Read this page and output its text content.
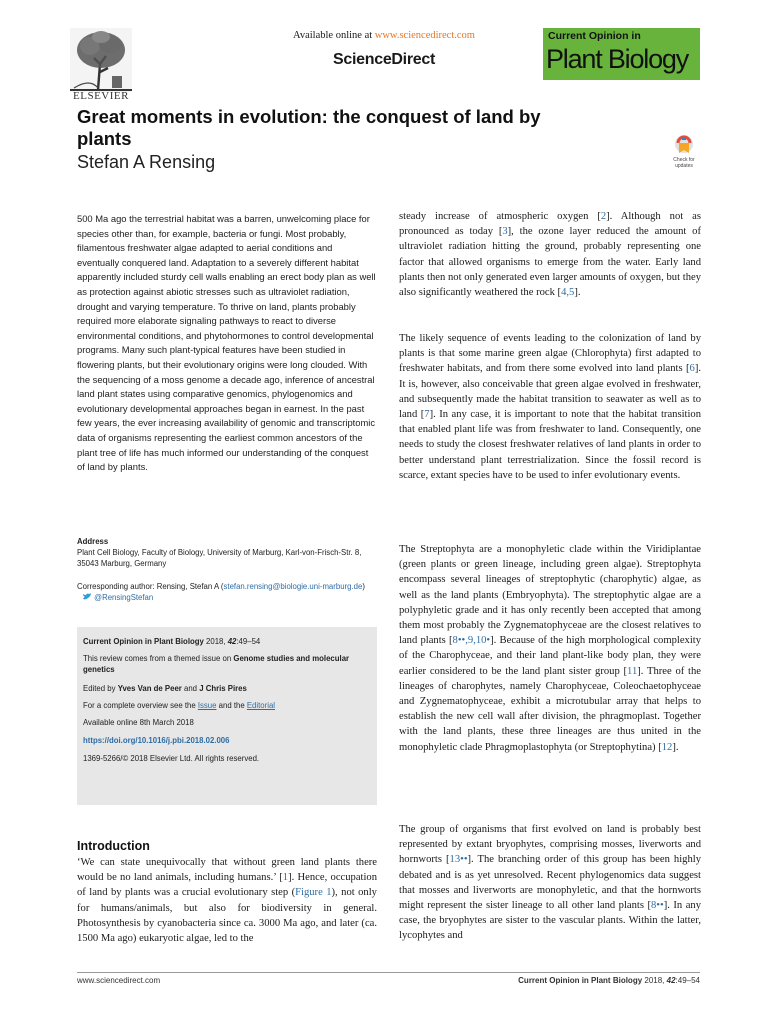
ELSEVIER
Available online at www.sciencedirect.com
ScienceDirect
Current Opinion in
Plant Biology
Great moments in evolution: the conquest of land by plants
Stefan A Rensing	Check for updates

500 Ma ago the terrestrial habitat was a barren, unwelcoming place for species other than, for example, bacteria or fungi. Most probably, filamentous freshwater algae adapted to aerial conditions and eventually conquered land. Adaptation to a severely different habitat apparently included sturdy cell walls enabling an erect body plan as well as protection against abiotic stresses such as ultraviolet radiation, drought and varying temperature. To thrive on land, plants probably required more elaborate signaling pathways to react to diverse environmental conditions, and phytohormones to control developmental programs. Many such plant-typical features have been studied in flowering plants, but their evolutionary origins were long clouded. With the sequencing of a moss genome a decade ago, inference of ancestral land plant states using comparative genomics, phylogenomics and evolutionary developmental approaches began in earnest. In the past few years, the ever increasing availability of genomic and transcriptomic data of organisms representing the earliest common ancestors of the plant tree of life has much informed our understanding of the conquest of land by plants.

Address
Plant Cell Biology, Faculty of Biology, University of Marburg, Karl-von-Frisch-Str. 8, 35043 Marburg, Germany
Corresponding author: Rensing, Stefan A (stefan.rensing@biologie.uni-marburg.de)  @RensingStefan
Current Opinion in Plant Biology 2018, 42:49–54
This review comes from a themed issue on Genome studies and molecular genetics
Edited by Yves Van de Peer and J Chris Pires
For a complete overview see the Issue and the Editorial
Available online 8th March 2018
https://doi.org/10.1016/j.pbi.2018.02.006
1369-5266/© 2018 Elsevier Ltd. All rights reserved.
Introduction

‘We can state unequivocally that without green land plants there would be no land animals, including humans.’ [1]. Hence, occupation of land by plants was a crucial evolutionary step (Figure 1), not only for humans/animals, but also for biodiversity in general. Photosynthesis by cyanobacteria since ca. 3000 Ma ago, and later (ca. 1500 Ma ago) eukaryotic algae, led to the

steady increase of atmospheric oxygen [2]. Although not as pronounced as today [3], the ozone layer reduced the amount of ultraviolet radiation hitting the ground, probably representing one factor that allowed organisms to emerge from the water. Early land plants then not only generated even larger amounts of oxygen, but they also significantly weathered the rock [4,5].

The likely sequence of events leading to the colonization of land by plants is that some marine green algae (Chlorophyta) first adapted to freshwater habitats, and from there some evolved into land plants [6]. It is, however, also conceivable that green algae evolved in freshwater, and subsequently made the habitat transition to seawater as well as to land [7]. In any case, it is important to note that the habitat transition that enabled plant life was from freshwater to land. Consequently, one needs to study the closest freshwater relatives of land plants in order to better understand plant terrestrialization. Since the fossil record is scarce, extant species have to be used to infer evolutionary events.

The Streptophyta are a monophyletic clade within the Viridiplantae (green plants or green lineage, including green algae). Streptophyta encompass several lineages of streptophytic (charophytic) algae, as well as the land plants (Embryophyta). The streptophytic algae are a polyphyletic grade and it has only recently been accepted that among them most probably the Zygnematophyceae are the closest relatives to land plants [8••,9,10•]. Because of the high morphological complexity of the Charophyceae, and their land plant-like body plan, they were earlier considered to be the land plant sister group [11]. Three of the lineages of charophytes, namely Charophyceae, Coleochaetophyceae and Zygnematophyceae, exhibit a microtubular array that helps to establish the new cell wall after division, the phragmoplast. Together with the land plants, these three lineages are thus united in the monophyletic clade Phragmoplastophyta (or Streptophytina) [12].

The group of organisms that first evolved on land is probably best represented by extant bryophytes, comprising mosses, liverworts and hornworts [13••]. The branching order of this group has been highly debated and is as yet unresolved. Recent phylogenomics data suggest that mosses and liverworts are monophyletic, and that the hornworts might represent the sister lineage to all other land plants [8••]. In any case, the bryophytes are sister to the vascular plants. Within the latter, lycophytes and

www.sciencedirect.com	Current Opinion in Plant Biology 2018, 42:49–54
